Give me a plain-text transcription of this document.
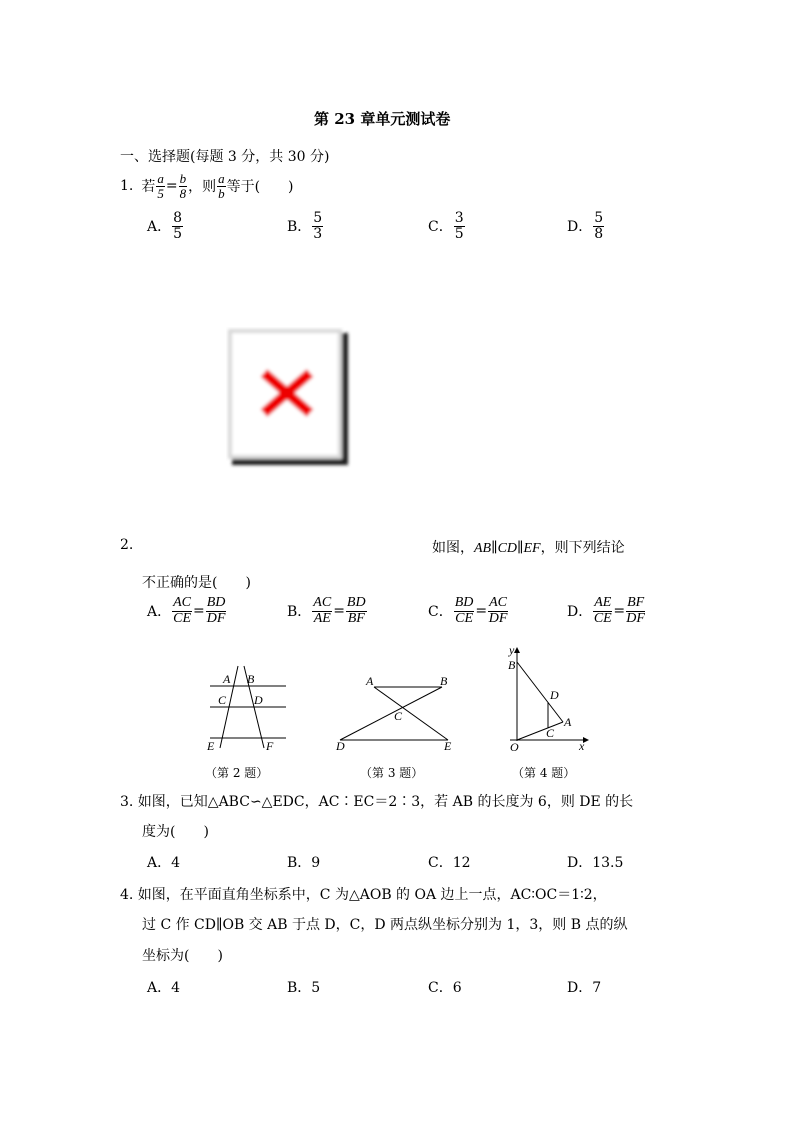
第 23 章单元测试卷
一、选择题(每题 3 分，共 30 分)
1. 若 $\frac{a}{5} = \frac{b}{8}$ ，则 $\frac{a}{b}$ 等于(　　)
A． $\frac{8}{5}$	B． $\frac{5}{3}$	C． $\frac{3}{5}$	D． $\frac{5}{8}$
2.	如图，AB∥CD∥EF，则下列结论
不正确的是(　　)
A． $\frac{AC}{CE} = \frac{BD}{DF}$	B． $\frac{AC}{AE} = \frac{BD}{BF}$	C． $\frac{BD}{CE} = \frac{AC}{DF}$	D． $\frac{AE}{CE} = \frac{BF}{DF}$
A B
C D
E	F
（第 2 题）
A	B
C
D	E
（第 3 题）
y
B
D
A
C
O	x
（第 4 题）
3. 如图，已知△ABC∽△EDC，AC∶EC＝2∶3，若 AB 的长度为 6，则 DE 的长
度为(　　)
A．4	B．9	C．12	D．13.5
4. 如图，在平面直角坐标系中，C 为△AOB 的 OA 边上一点，AC∶OC＝1∶2，
过 C 作 CD∥OB 交 AB 于点 D，C，D 两点纵坐标分别为 1，3，则 B 点的纵
坐标为(　　)
A．4	B．5	C．6	D．7
